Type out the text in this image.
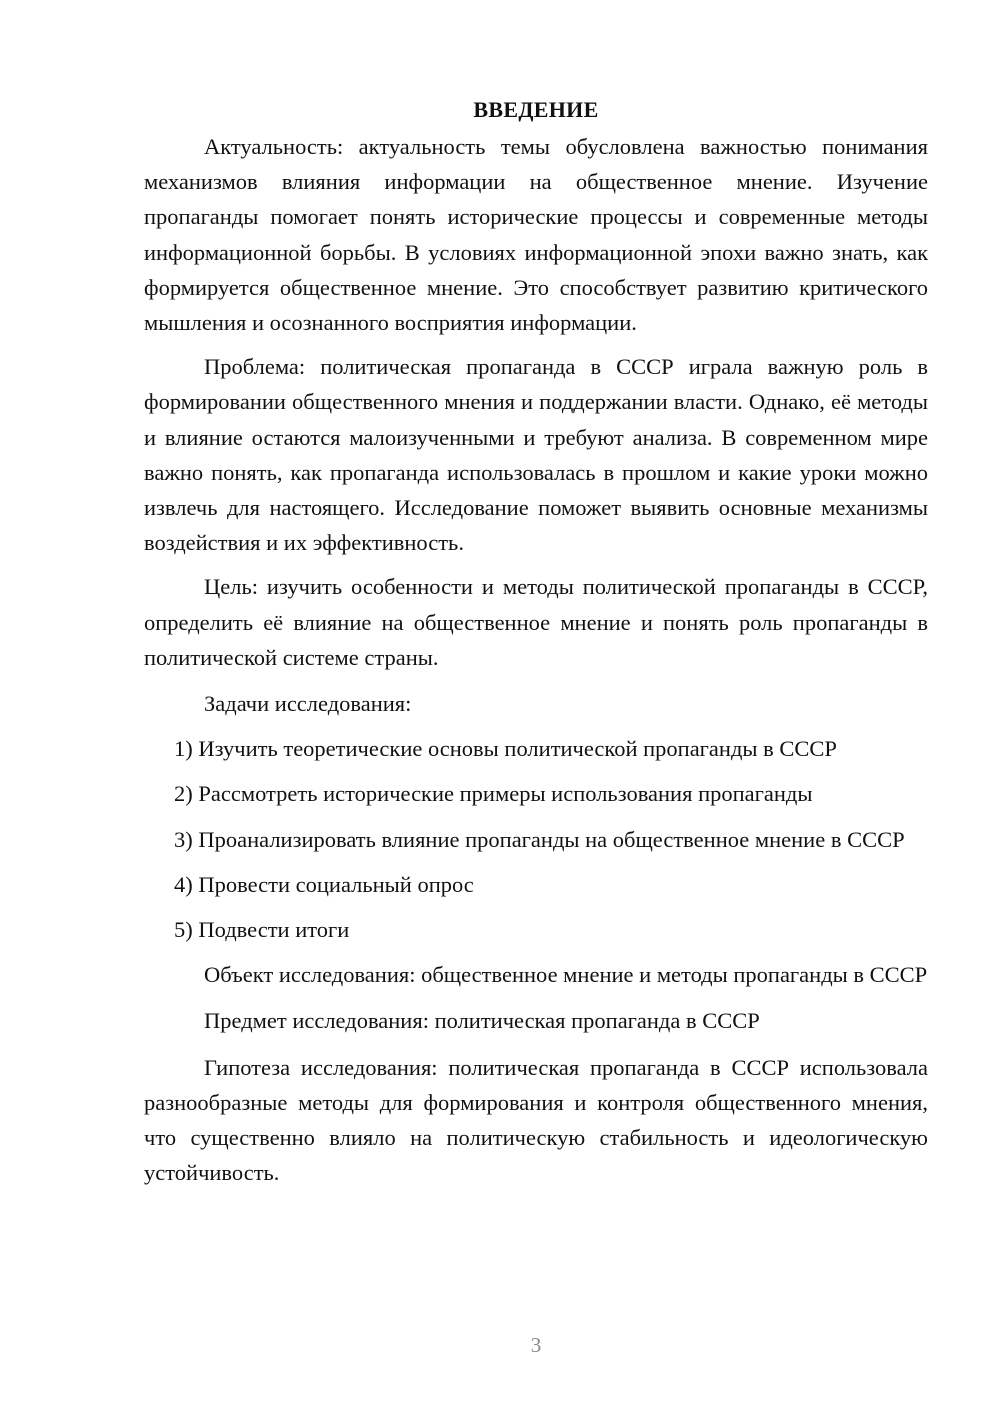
ВВЕДЕНИЕ

Актуальность: актуальность темы обусловлена важностью понимания механизмов влияния информации на общественное мнение. Изучение пропаганды помогает понять исторические процессы и современные методы информационной борьбы. В условиях информационной эпохи важно знать, как формируется общественное мнение. Это способствует развитию критического мышления и осознанного восприятия информации.

Проблема: политическая пропаганда в СССР играла важную роль в формировании общественного мнения и поддержании власти. Однако, её методы и влияние остаются малоизученными и требуют анализа. В современном мире важно понять, как пропаганда использовалась в прошлом и какие уроки можно извлечь для настоящего. Исследование поможет выявить основные механизмы воздействия и их эффективность.

Цель: изучить особенности и методы политической пропаганды в СССР, определить её влияние на общественное мнение и понять роль пропаганды в политической системе страны.

Задачи исследования:

1) Изучить теоретические основы политической пропаганды в СССР

2) Рассмотреть исторические примеры использования пропаганды

3) Проанализировать влияние пропаганды на общественное мнение в СССР

4) Провести социальный опрос

5) Подвести итоги

Объект исследования: общественное мнение и методы пропаганды в СССР

Предмет исследования: политическая пропаганда в СССР

Гипотеза исследования: политическая пропаганда в СССР использовала разнообразные методы для формирования и контроля общественного мнения, что существенно влияло на политическую стабильность и идеологическую устойчивость.

3
